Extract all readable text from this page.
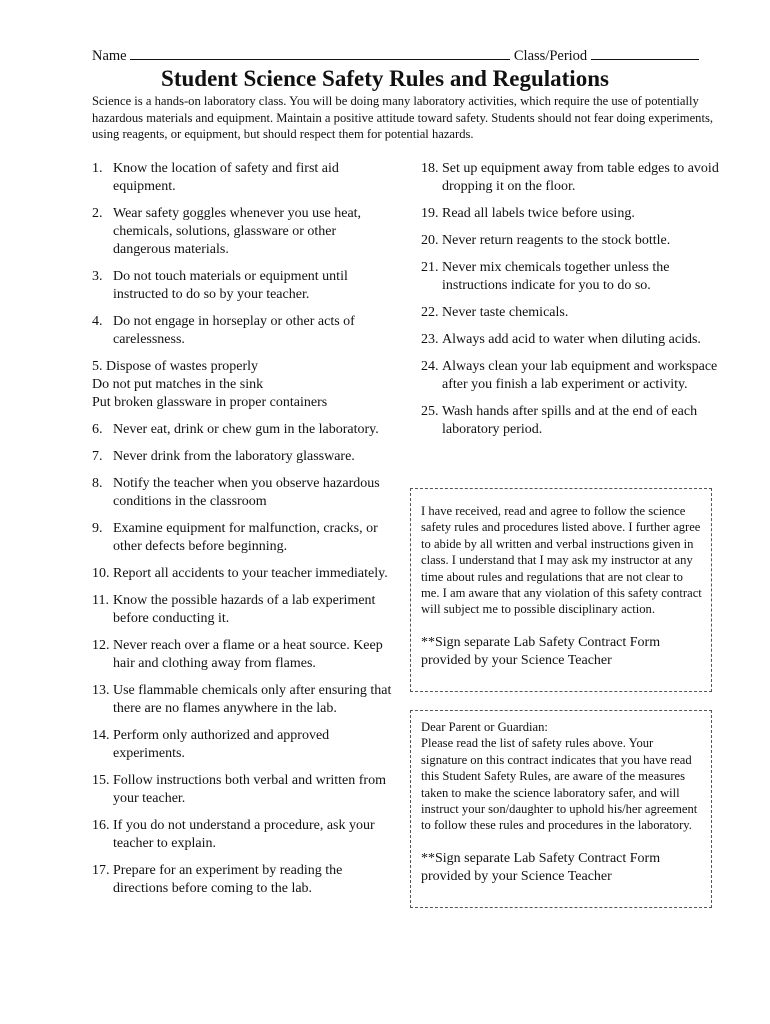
Name	Class/Period
Student Science Safety Rules and Regulations
Science is a hands-on laboratory class. You will be doing many laboratory activities, which require the use of potentially hazardous materials and equipment. Maintain a positive attitude toward safety. Students should not fear doing experiments, using reagents, or equipment, but should respect them for potential hazards.
1. Know the location of safety and first aid equipment.
2. Wear safety goggles whenever you use heat, chemicals, solutions, glassware or other dangerous materials.
3. Do not touch materials or equipment until instructed to do so by your teacher.
4. Do not engage in horseplay or other acts of carelessness.
5. Dispose of wastes properly
Do not put matches in the sink
Put broken glassware in proper containers
6. Never eat, drink or chew gum in the laboratory.
7. Never drink from the laboratory glassware.
8. Notify the teacher when you observe hazardous conditions in the classroom
9. Examine equipment for malfunction, cracks, or other defects before beginning.
10. Report all accidents to your teacher immediately.
11. Know the possible hazards of a lab experiment before conducting it.
12. Never reach over a flame or a heat source. Keep hair and clothing away from flames.
13. Use flammable chemicals only after ensuring that there are no flames anywhere in the lab.
14. Perform only authorized and approved experiments.
15. Follow instructions both verbal and written from your teacher.
16. If you do not understand a procedure, ask your teacher to explain.
17. Prepare for an experiment by reading the directions before coming to the lab.
18. Set up equipment away from table edges to avoid dropping it on the floor.
19. Read all labels twice before using.
20. Never return reagents to the stock bottle.
21. Never mix chemicals together unless the instructions indicate for you to do so.
22. Never taste chemicals.
23. Always add acid to water when diluting acids.
24. Always clean your lab equipment and workspace after you finish a lab experiment or activity.
25. Wash hands after spills and at the end of each laboratory period.

I have received, read and agree to follow the science safety rules and procedures listed above. I further agree to abide by all written and verbal instructions given in class. I understand that I may ask my instructor at any time about rules and regulations that are not clear to me. I am aware that any violation of this safety contract will subject me to possible disciplinary action.

**Sign separate Lab Safety Contract Form provided by your Science Teacher

Dear Parent or Guardian:

Please read the list of safety rules above. Your signature on this contract indicates that you have read this Student Safety Rules, are aware of the measures taken to make the science laboratory safer, and will instruct your son/daughter to uphold his/her agreement to follow these rules and procedures in the laboratory.

**Sign separate Lab Safety Contract Form provided by your Science Teacher
